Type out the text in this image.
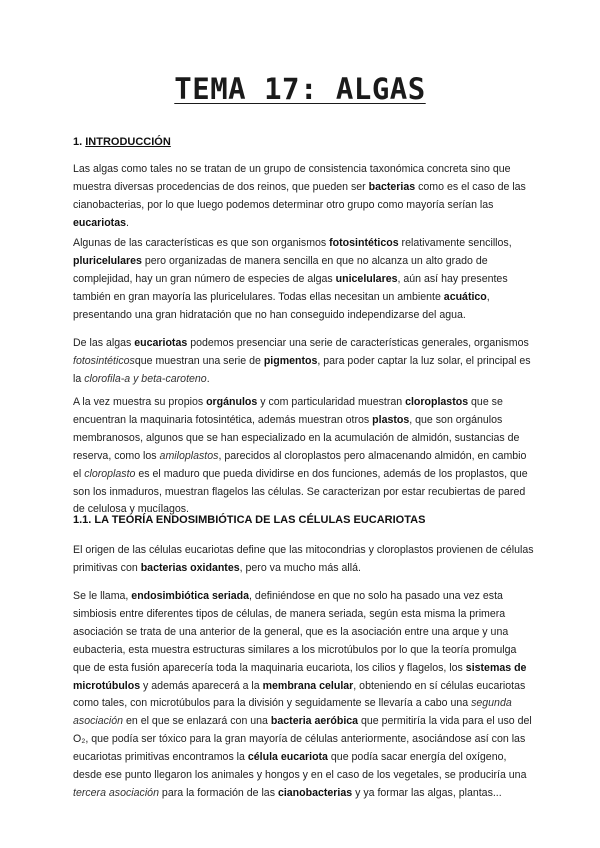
TEMA 17: ALGAS
1. INTRODUCCIÓN

Las algas como tales no se tratan de un grupo de consistencia taxonómica concreta sino que muestra diversas procedencias de dos reinos, que pueden ser bacterias como es el caso de las cianobacterias, por lo que luego podemos determinar otro grupo como mayoría serían las eucariotas.

Algunas de las características es que son organismos fotosintéticos relativamente sencillos, pluricelulares pero organizadas de manera sencilla en que no alcanza un alto grado de complejidad, hay un gran número de especies de algas unicelulares, aún así hay presentes también en gran mayoría las pluricelulares. Todas ellas necesitan un ambiente acuático, presentando una gran hidratación que no han conseguido independizarse del agua.

De las algas eucariotas podemos presenciar una serie de características generales, organismos fotosintéticosque muestran una serie de pigmentos, para poder captar la luz solar, el principal es la clorofila-a y beta-caroteno.

A la vez muestra su propios orgánulos y com particularidad muestran cloroplastos que se encuentran la maquinaria fotosintética, además muestran otros plastos, que son orgánulos membranosos, algunos que se han especializado en la acumulación de almidón, sustancias de reserva, como los amiloplastos, parecidos al cloroplastos pero almacenando almidón, en cambio el cloroplasto es el maduro que pueda dividirse en dos funciones, además de los proplastos, que son los inmaduros, muestran flagelos las células. Se caracterizan por estar recubiertas de pared de celulosa y mucílagos.

1.1. LA TEORÍA ENDOSIMBIÓTICA DE LAS CÉLULAS EUCARIOTAS

El origen de las células eucariotas define que las mitocondrias y cloroplastos provienen de células primitivas con bacterias oxidantes, pero va mucho más allá.

Se le llama, endosimbiótica seriada, definiéndose en que no solo ha pasado una vez esta simbiosis entre diferentes tipos de células, de manera seriada, según esta misma la primera asociación se trata de una anterior de la general, que es la asociación entre una arque y una eubacteria, esta muestra estructuras similares a los microtúbulos por lo que la teoría promulga que de esta fusión aparecería toda la maquinaria eucariota, los cilios y flagelos, los sistemas de microtúbulos y además aparecerá a la membrana celular, obteniendo en sí células eucariotas como tales, con microtúbulos para la división y seguidamente se llevaría a cabo una segunda asociación en el que se enlazará con una bacteria aeróbica que permitiría la vida para el uso del O₂, que podía ser tóxico para la gran mayoría de células anteriormente, asociándose así con las eucariotas primitivas encontramos la célula eucariota que podía sacar energía del oxígeno, desde ese punto llegaron los animales y hongos y en el caso de los vegetales, se produciría una tercera asociación para la formación de las cianobacterias y ya formar las algas, plantas...
